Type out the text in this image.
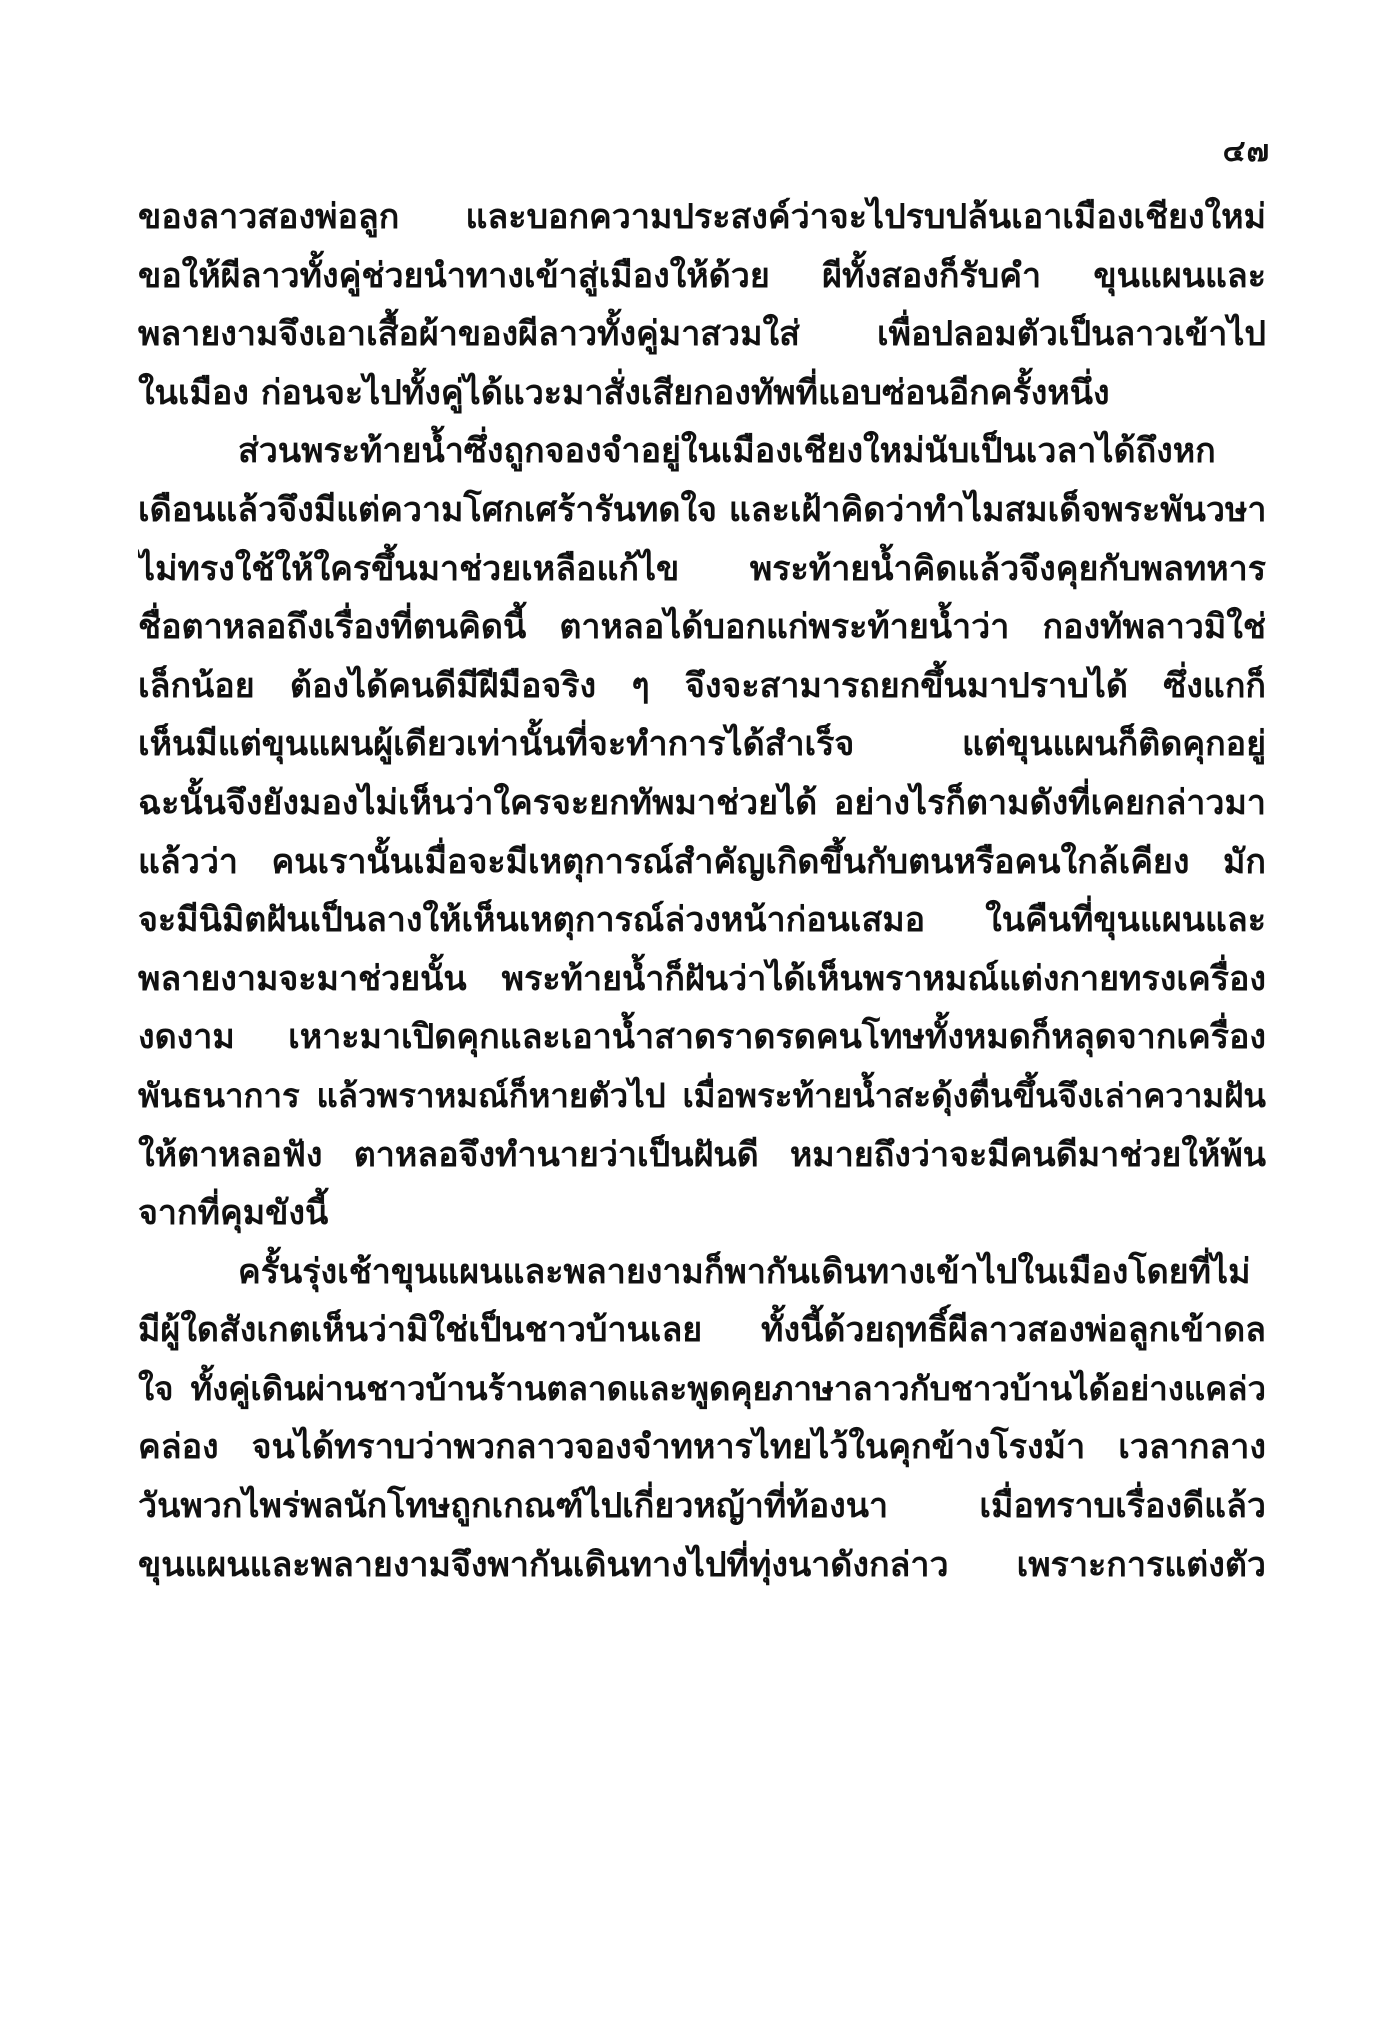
๔๗
ของลาวสองพ่อลูก และบอกความประสงค์ว่าจะไปรบปล้นเอาเมืองเชียงใหม่
ขอให้ผีลาวทั้งคู่ช่วยนำทางเข้าสู่เมืองให้ด้วย ผีทั้งสองก็รับคำ ขุนแผนและ
พลายงามจึงเอาเสื้อผ้าของผีลาวทั้งคู่มาสวมใส่ เพื่อปลอมตัวเป็นลาวเข้าไป
ในเมือง ก่อนจะไปทั้งคู่ได้แวะมาสั่งเสียกองทัพที่แอบซ่อนอีกครั้งหนึ่ง
ส่วนพระท้ายน้ำซึ่งถูกจองจำอยู่ในเมืองเชียงใหม่นับเป็นเวลาได้ถึงหก
เดือนแล้วจึงมีแต่ความโศกเศร้ารันทดใจ และเฝ้าคิดว่าทำไมสมเด็จพระพันวษา
ไม่ทรงใช้ให้ใครขึ้นมาช่วยเหลือแก้ไข พระท้ายน้ำคิดแล้วจึงคุยกับพลทหาร
ชื่อตาหลอถึงเรื่องที่ตนคิดนี้ ตาหลอได้บอกแก่พระท้ายน้ำว่า กองทัพลาวมิใช่
เล็กน้อย ต้องได้คนดีมีฝีมือจริง ๆ จึงจะสามารถยกขึ้นมาปราบได้ ซึ่งแกก็
เห็นมีแต่ขุนแผนผู้เดียวเท่านั้นที่จะทำการได้สำเร็จ แต่ขุนแผนก็ติดคุกอยู่
ฉะนั้นจึงยังมองไม่เห็นว่าใครจะยกทัพมาช่วยได้ อย่างไรก็ตามดังที่เคยกล่าวมา
แล้วว่า คนเรานั้นเมื่อจะมีเหตุการณ์สำคัญเกิดขึ้นกับตนหรือคนใกล้เคียง มัก
จะมีนิมิตฝันเป็นลางให้เห็นเหตุการณ์ล่วงหน้าก่อนเสมอ ในคืนที่ขุนแผนและ
พลายงามจะมาช่วยนั้น พระท้ายน้ำก็ฝันว่าได้เห็นพราหมณ์แต่งกายทรงเครื่อง
งดงาม เหาะมาเปิดคุกและเอาน้ำสาดราดรดคนโทษทั้งหมดก็หลุดจากเครื่อง
พันธนาการ แล้วพราหมณ์ก็หายตัวไป เมื่อพระท้ายน้ำสะดุ้งตื่นขึ้นจึงเล่าความฝัน
ให้ตาหลอฟัง ตาหลอจึงทำนายว่าเป็นฝันดี หมายถึงว่าจะมีคนดีมาช่วยให้พ้น
จากที่คุมขังนี้
ครั้นรุ่งเช้าขุนแผนและพลายงามก็พากันเดินทางเข้าไปในเมืองโดยที่ไม่
มีผู้ใดสังเกตเห็นว่ามิใช่เป็นชาวบ้านเลย ทั้งนี้ด้วยฤทธิ์ผีลาวสองพ่อลูกเข้าดล
ใจ ทั้งคู่เดินผ่านชาวบ้านร้านตลาดและพูดคุยภาษาลาวกับชาวบ้านได้อย่างแคล่ว
คล่อง จนได้ทราบว่าพวกลาวจองจำทหารไทยไว้ในคุกข้างโรงม้า เวลากลาง
วันพวกไพร่พลนักโทษถูกเกณฑ์ไปเกี่ยวหญ้าที่ท้องนา เมื่อทราบเรื่องดีแล้ว
ขุนแผนและพลายงามจึงพากันเดินทางไปที่ทุ่งนาดังกล่าว เพราะการแต่งตัว
